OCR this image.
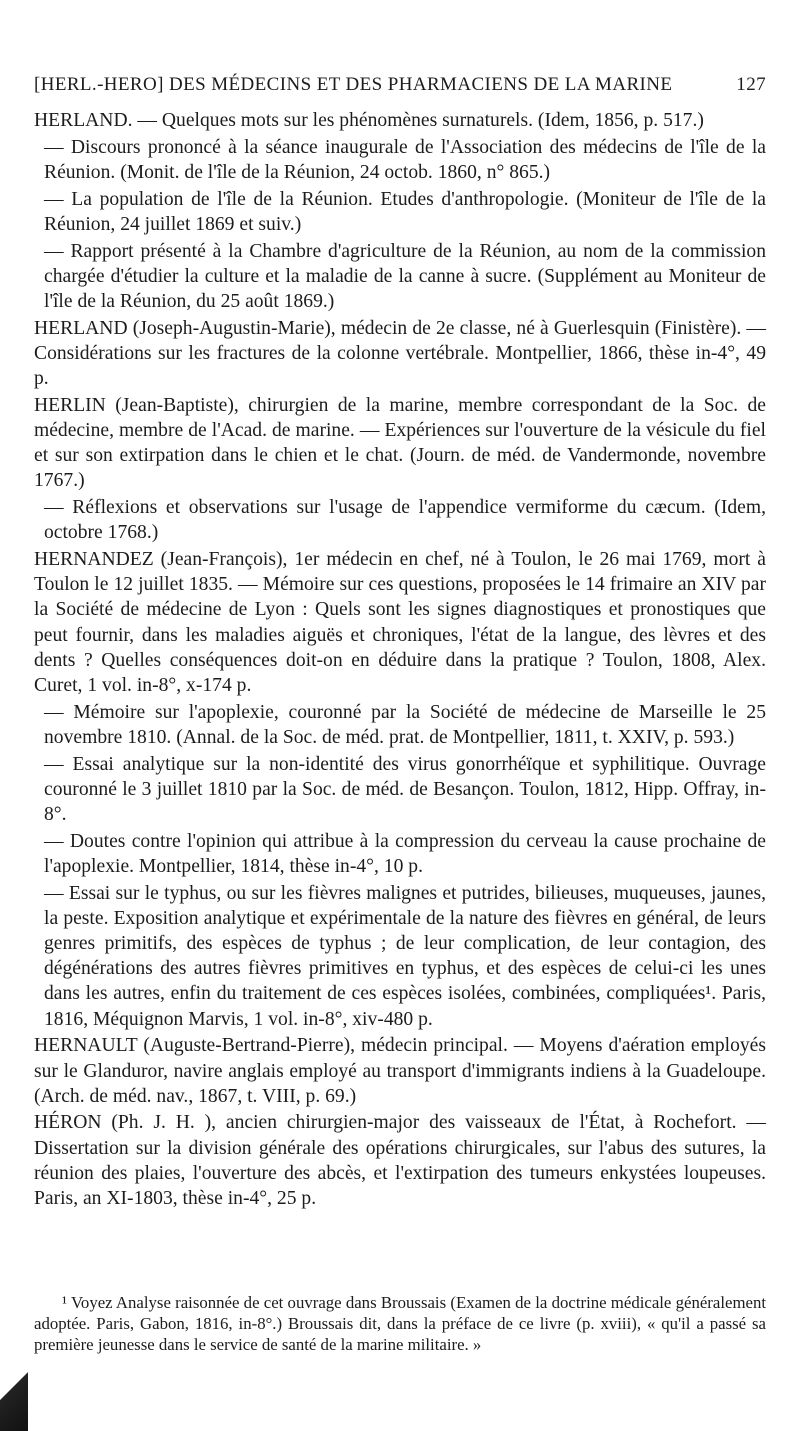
[HERL.-HERO] DES MÉDECINS ET DES PHARMACIENS DE LA MARINE	127

HERLAND. — Quelques mots sur les phénomènes surnaturels. (Idem, 1856, p. 517.)

— Discours prononcé à la séance inaugurale de l'Association des médecins de l'île de la Réunion. (Monit. de l'île de la Réunion, 24 octob. 1860, n° 865.)

— La population de l'île de la Réunion. Etudes d'anthropologie. (Moniteur de l'île de la Réunion, 24 juillet 1869 et suiv.)

— Rapport présenté à la Chambre d'agriculture de la Réunion, au nom de la commission chargée d'étudier la culture et la maladie de la canne à sucre. (Supplément au Moniteur de l'île de la Réunion, du 25 août 1869.)

HERLAND (Joseph-Augustin-Marie), médecin de 2e classe, né à Guerlesquin (Finistère). — Considérations sur les fractures de la colonne vertébrale. Montpellier, 1866, thèse in-4°, 49 p.

HERLIN (Jean-Baptiste), chirurgien de la marine, membre correspondant de la Soc. de médecine, membre de l'Acad. de marine. — Expériences sur l'ouverture de la vésicule du fiel et sur son extirpation dans le chien et le chat. (Journ. de méd. de Vandermonde, novembre 1767.)

— Réflexions et observations sur l'usage de l'appendice vermiforme du cæcum. (Idem, octobre 1768.)

HERNANDEZ (Jean-François), 1er médecin en chef, né à Toulon, le 26 mai 1769, mort à Toulon le 12 juillet 1835. — Mémoire sur ces questions, proposées le 14 frimaire an XIV par la Société de médecine de Lyon : Quels sont les signes diagnostiques et pronostiques que peut fournir, dans les maladies aiguës et chroniques, l'état de la langue, des lèvres et des dents ? Quelles conséquences doit-on en déduire dans la pratique ? Toulon, 1808, Alex. Curet, 1 vol. in-8°, x-174 p.

— Mémoire sur l'apoplexie, couronné par la Société de médecine de Marseille le 25 novembre 1810. (Annal. de la Soc. de méd. prat. de Montpellier, 1811, t. XXIV, p. 593.)

— Essai analytique sur la non-identité des virus gonorrhéïque et syphilitique. Ouvrage couronné le 3 juillet 1810 par la Soc. de méd. de Besançon. Toulon, 1812, Hipp. Offray, in-8°.

— Doutes contre l'opinion qui attribue à la compression du cerveau la cause prochaine de l'apoplexie. Montpellier, 1814, thèse in-4°, 10 p.

— Essai sur le typhus, ou sur les fièvres malignes et putrides, bilieuses, muqueuses, jaunes, la peste. Exposition analytique et expérimentale de la nature des fièvres en général, de leurs genres primitifs, des espèces de typhus ; de leur complication, de leur contagion, des dégénérations des autres fièvres primitives en typhus, et des espèces de celui-ci les unes dans les autres, enfin du traitement de ces espèces isolées, combinées, compliquées¹. Paris, 1816, Méquignon Marvis, 1 vol. in-8°, xiv-480 p.

HERNAULT (Auguste-Bertrand-Pierre), médecin principal. — Moyens d'aération employés sur le Glanduror, navire anglais employé au transport d'immigrants indiens à la Guadeloupe. (Arch. de méd. nav., 1867, t. VIII, p. 69.)

HÉRON (Ph. J. H. ), ancien chirurgien-major des vaisseaux de l'État, à Rochefort. — Dissertation sur la division générale des opérations chirurgicales, sur l'abus des sutures, la réunion des plaies, l'ouverture des abcès, et l'extirpation des tumeurs enkystées loupeuses. Paris, an XI-1803, thèse in-4°, 25 p.

¹ Voyez Analyse raisonnée de cet ouvrage dans Broussais (Examen de la doctrine médicale généralement adoptée. Paris, Gabon, 1816, in-8°.) Broussais dit, dans la préface de ce livre (p. xviii), « qu'il a passé sa première jeunesse dans le service de santé de la marine militaire. »
